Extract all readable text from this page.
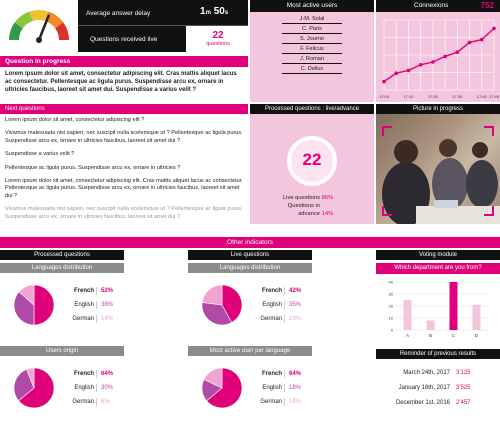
Average answer delay	1m 50s
Questions received live	22
questions
Most active users
J-M. Solal
C. Paris
S. Journo
F. Felicus
J. Roman
C. Delluc
Connexions	752
17:00	17:10	17:20	17:30	17:40 17:45
Question in progress
Lorem ipsum dolor sit amet, consectetur adipiscing elit. Cras mattis aliquet lacus ac consectetur. Pellentesque ac ligula purus. Suspendisse arcu ex, ornare in ultricies faucibus, laoreet sit amet dui. Suspendisse a varius velit ?
Next questions
Lorem ipsum dolor sit amet, consectetur adipiscing elit ?
Vivamus malesuada nisi sapien, nec suscipit nulla scelerisque ut ? Pellentesque ac ligula purus. Suspendisse arcu ex, ornare in ultricies faucibus, laoreet sit amet dui ?
Suspendisse a varius velit ?
Pellentesque ac ligula purus. Suspendisse arcu ex, ornare in ultricies ?
Lorem ipsum dolor sit amet, consectetur adipiscing elit. Cras mattis aliquet lacus ac consectetur. Pellentesque ac ligula purus. Suspendisse arcu ex, ornare in ultricies faucibus, laoreet sit amet dui ?
Vivamus malesuada nisi sapien, nec suscipit nulla scelerisque ut ? Pellentesque ac ligula purus. Suspendisse arcu ex, ornare in ultricies faucibus, laoreet sit amet dui ?
Processed questions : live/advance
22
Live questions 86%
Questions in advance 14%
Picture in progress
Other indicators
Processed questions	Live questions	Voting module
Languages distribution
French	52%
English	38%
German	14%
Users origin
French	64%
English	30%
German	6%
Languages distribution
French	42%
English	35%
German	23%
Most active user per language
French	64%
English	18%
German	18%
Which department are you from?
0
10
20
30
40
A	B	C	D
Reminder of previous results
March 24th, 2017 3'125
January 16th, 2017 3'525
December 1st, 2016 2'457
